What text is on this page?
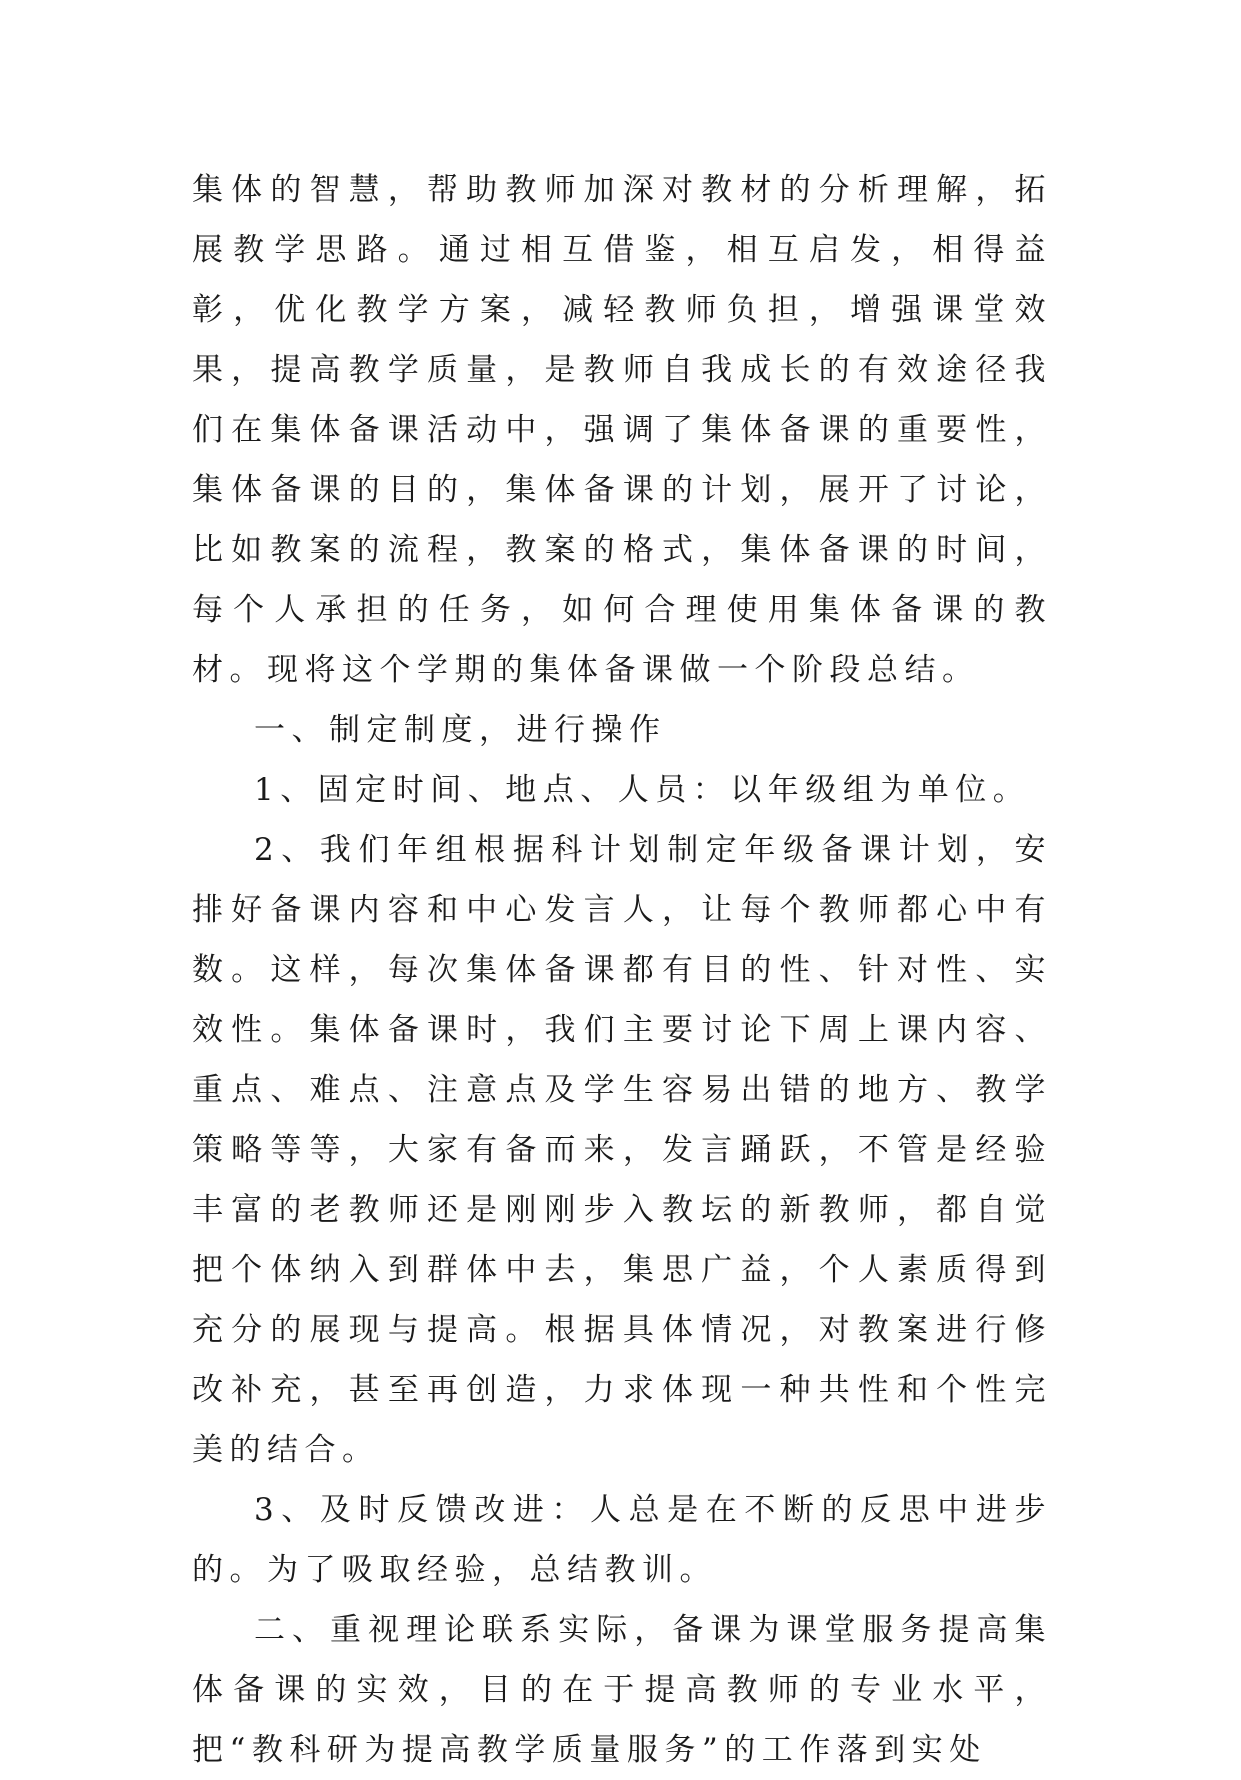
集体的智慧，帮助教师加深对教材的分析理解，拓展教学思路。通过相互借鉴，相互启发，相得益彰，优化教学方案，减轻教师负担，增强课堂效果，提高教学质量，是教师自我成长的有效途径我们在集体备课活动中，强调了集体备课的重要性，集体备课的目的，集体备课的计划，展开了讨论，比如教案的流程，教案的格式，集体备课的时间，每个人承担的任务，如何合理使用集体备课的教材。现将这个学期的集体备课做一个阶段总结。

一、制定制度，进行操作

1、固定时间、地点、人员：以年级组为单位。

2、我们年组根据科计划制定年级备课计划，安排好备课内容和中心发言人，让每个教师都心中有数。这样，每次集体备课都有目的性、针对性、实效性。集体备课时，我们主要讨论下周上课内容、重点、难点、注意点及学生容易出错的地方、教学策略等等，大家有备而来，发言踊跃，不管是经验丰富的老教师还是刚刚步入教坛的新教师，都自觉把个体纳入到群体中去，集思广益，个人素质得到充分的展现与提高。根据具体情况，对教案进行修改补充，甚至再创造，力求体现一种共性和个性完美的结合。

3、及时反馈改进：人总是在不断的反思中进步的。为了吸取经验，总结教训。

二、重视理论联系实际，备课为课堂服务提高集体备课的实效，目的在于提高教师的专业水平，把“教科研为提高教学质量服务”的工作落到实处
